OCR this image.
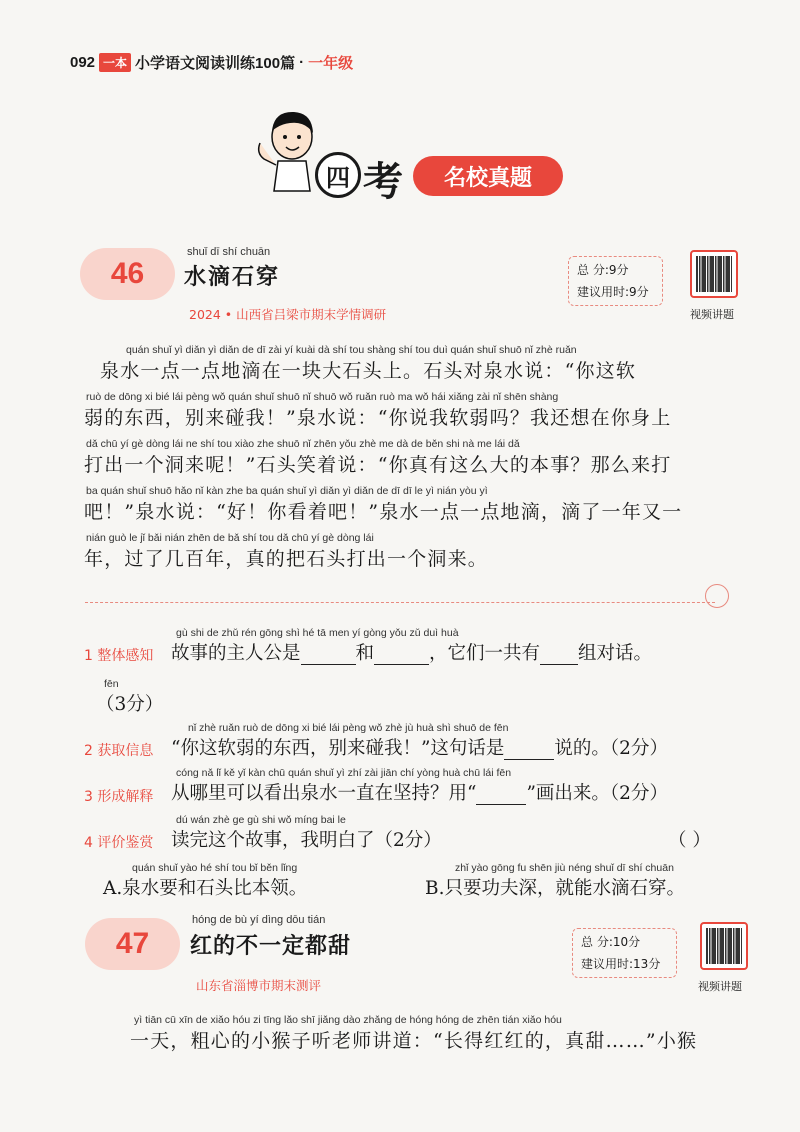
092 一本 小学语文阅读训练100篇 · 一年级
四 考	名校真题
46
shuǐ dī shí chuān
水滴石穿
2024 • 山西省吕梁市期末学情调研
总 分:9分
建议用时:9分
视频讲题
quán shuǐ yì diǎn yì diǎn de dī zài yí kuài dà shí tou shàng shí tou duì quán shuǐ shuō nǐ zhè ruǎn
泉水一点一点地滴在一块大石头上。石头对泉水说：“你这软
ruò de dōng xi bié lái pèng wǒ quán shuǐ shuō nǐ shuō wǒ ruǎn ruò ma wǒ hái xiǎng zài nǐ shēn shàng
弱的东西，别来碰我！”泉水说：“你说我软弱吗？我还想在你身上
dǎ chū yí gè dòng lái ne shí tou xiào zhe shuō nǐ zhēn yǒu zhè me dà de běn shi nà me lái dǎ
打出一个洞来呢！”石头笑着说：“你真有这么大的本事？那么来打
ba quán shuǐ shuō hǎo nǐ kàn zhe ba quán shuǐ yì diǎn yì diǎn de dī dī le yì nián yòu yì
吧！”泉水说：“好！你看着吧！”泉水一点一点地滴，滴了一年又一
nián guò le jǐ bǎi nián zhēn de bǎ shí tou dǎ chū yí gè dòng lái
年，过了几百年，真的把石头打出一个洞来。
gù shi de zhǔ rén gōng shì hé tā men yí gòng yǒu zǔ duì huà
1 整体感知 故事的主人公是	和	，它们一共有 组对话。
fēn
（3分）
nǐ zhè ruǎn ruò de dōng xi bié lái pèng wǒ zhè jù huà shì shuō de fēn
2 获取信息 “你这软弱的东西，别来碰我！”这句话是	说的。（2分）
cóng nǎ lǐ kě yǐ kàn chū quán shuǐ yì zhí zài jiān chí yòng huà chū lái fēn
3 形成解释 从哪里可以看出泉水一直在坚持？用“	”画出来。（2分）
dú wán zhè ge gù shi wǒ míng bai le
4 评价鉴赏 读完这个故事，我明白了（2分）	（ ）
quán shuǐ yào hé shí tou bǐ běn lǐng
A.泉水要和石头比本领。
zhǐ yào gōng fu shēn jiù néng shuǐ dī shí chuān
B.只要功夫深，就能水滴石穿。
47
hóng de bù yí dìng dōu tián
红的不一定都甜
山东省淄博市期末测评
总 分:10分
建议用时:13分
视频讲题
yì tiān cū xīn de xiǎo hóu zi tīng lǎo shī jiǎng dào zhǎng de hóng hóng de zhēn tián xiǎo hóu
一天，粗心的小猴子听老师讲道：“长得红红的，真甜……”小猴
